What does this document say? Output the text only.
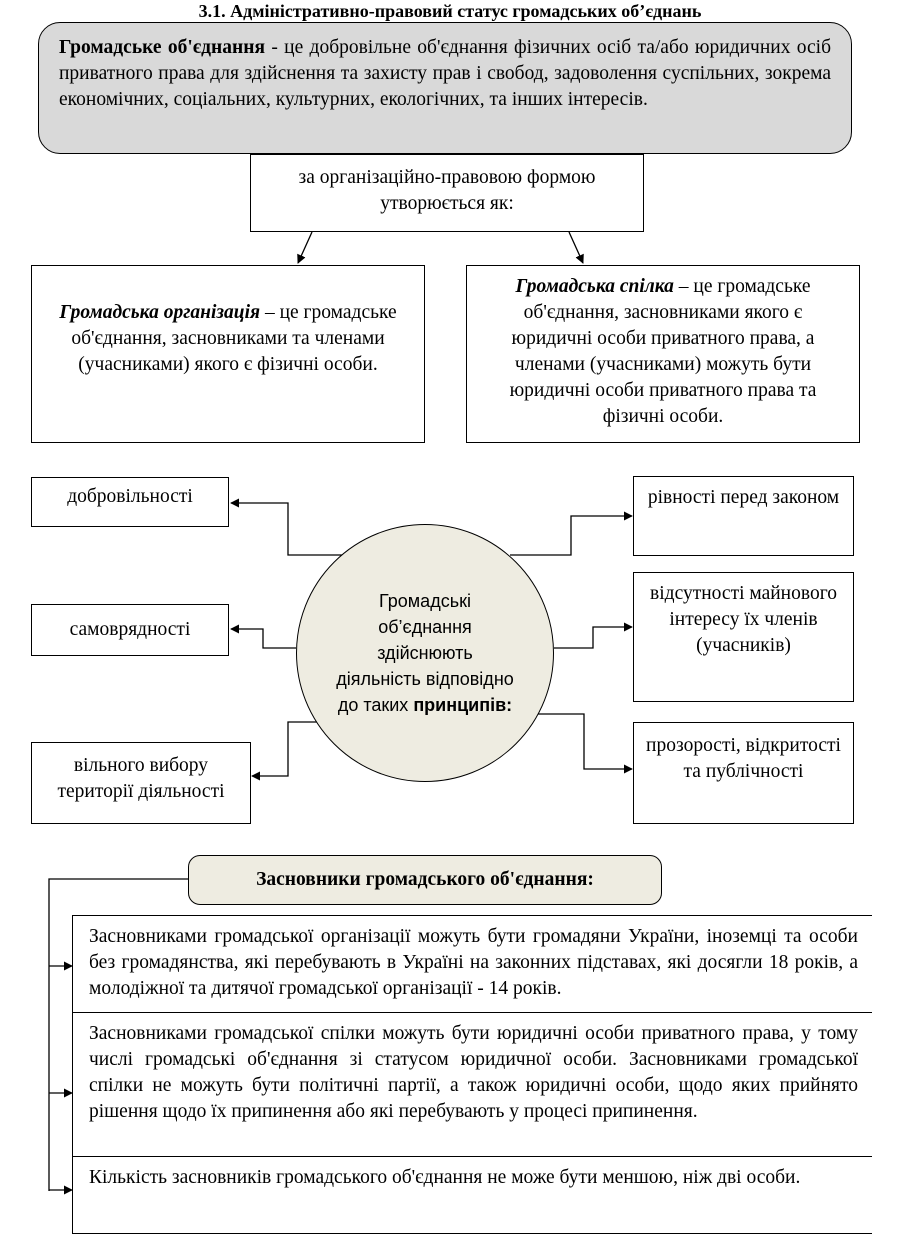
3.1. Адміністративно-правовий статус громадських об’єднань
Громадське об'єднання - це добровільне об'єднання фізичних осіб та/або юридичних осіб приватного права для здійснення та захисту прав і свобод, задоволення суспільних, зокрема економічних, соціальних, культурних, екологічних, та інших інтересів.
за організаційно-правовою формою утворюється як:
Громадська організація – це громадське об'єднання, засновниками та членами (учасниками) якого є фізичні особи.
Громадська спілка – це громадське об'єднання, засновниками якого є юридичні особи приватного права, а членами (учасниками) можуть бути юридичні особи приватного права та фізичні особи.
добровільності
самоврядності
вільного вибору території діяльності
рівності перед законом
відсутності майнового інтересу їх членів (учасників)
прозорості, відкритості та публічності
Громадські об’єднання здійснюють діяльність відповідно до таких принципів:
Засновники громадського об'єднання:
Засновниками громадської організації можуть бути громадяни України, іноземці та особи без громадянства, які перебувають в Україні на законних підставах, які досягли 18 років, а молодіжної та дитячої громадської організації - 14 років.
Засновниками громадської спілки можуть бути юридичні особи приватного права, у тому числі громадські об'єднання зі статусом юридичної особи. Засновниками громадської спілки не можуть бути політичні партії, а також юридичні особи, щодо яких прийнято рішення щодо їх припинення або які перебувають у процесі припинення.
Кількість засновників громадського об'єднання не може бути меншою, ніж дві особи.
